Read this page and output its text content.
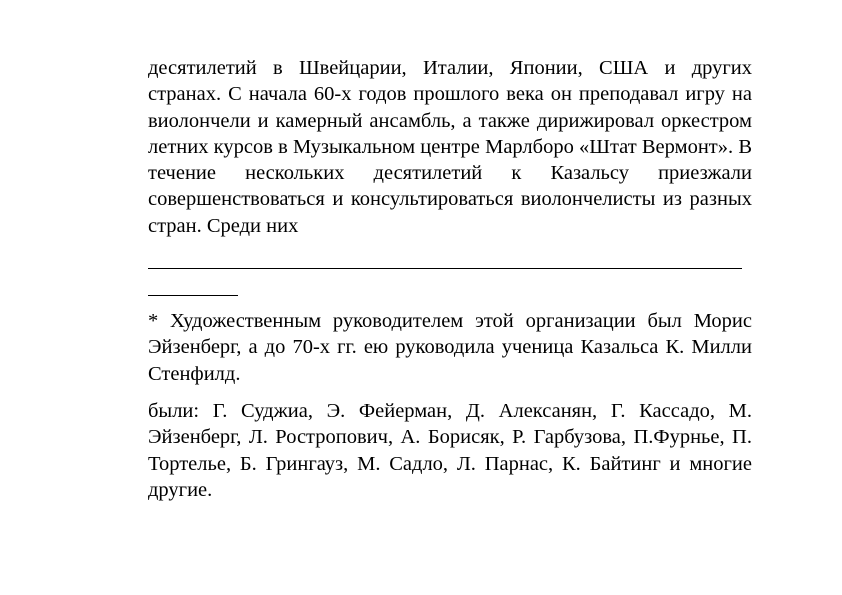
десятилетий в Швейцарии, Италии, Японии, США и других странах. С начала 60-х годов прошлого века он преподавал игру на виолончели и камерный ансамбль, а также дирижировал оркестром летних курсов в Музыкальном центре Марлборо «Штат Вермонт». В течение нескольких десятилетий к Казальсу приезжали совершенствоваться и консультироваться виолончелисты из разных стран. Среди них

* Художественным руководителем этой организации был Морис Эйзенберг, а до 70-х гг. ею руководила ученица Казальса К. Милли Стенфилд.

были: Г. Суджиа, Э. Фейерман, Д. Алексанян, Г. Кассадо, М. Эйзенберг, Л. Ростропович, А. Борисяк, Р. Гарбузова, П.Фурнье, П. Тортелье, Б. Грингауз, М. Садло, Л. Парнас, К. Байтинг и многие другие.
